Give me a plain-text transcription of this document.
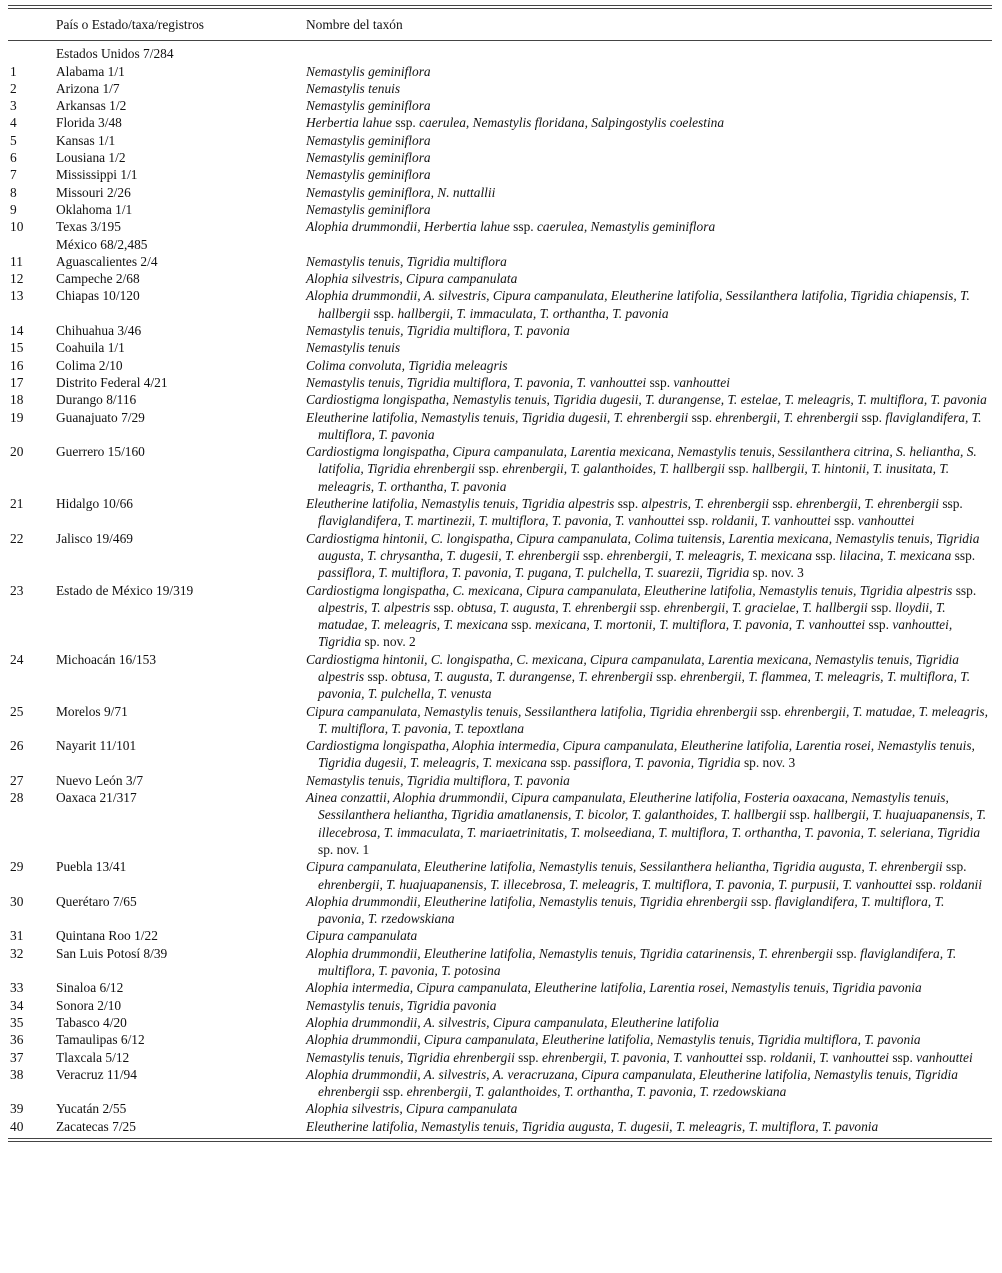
	País o Estado/taxa/registros	Nombre del taxón
	Estados Unidos 7/284	
1	Alabama 1/1	Nemastylis geminiflora
2	Arizona 1/7	Nemastylis tenuis
3	Arkansas 1/2	Nemastylis geminiflora
4	Florida 3/48	Herbertia lahue ssp. caerulea, Nemastylis floridana, Salpingostylis coelestina
5	Kansas 1/1	Nemastylis geminiflora
6	Lousiana 1/2	Nemastylis geminiflora
7	Mississippi 1/1	Nemastylis geminiflora
8	Missouri 2/26	Nemastylis geminiflora, N. nuttallii
9	Oklahoma 1/1	Nemastylis geminiflora
10	Texas 3/195	Alophia drummondii, Herbertia lahue ssp. caerulea, Nemastylis geminiflora
	México 68/2,485	
11	Aguascalientes 2/4	Nemastylis tenuis, Tigridia multiflora
12	Campeche 2/68	Alophia silvestris, Cipura campanulata
13	Chiapas 10/120	Alophia drummondii, A. silvestris, Cipura campanulata, Eleutherine latifolia, Sessilanthera latifolia, Tigridia chiapensis, T. hallbergii ssp. hallbergii, T. immaculata, T. orthantha, T. pavonia
14	Chihuahua 3/46	Nemastylis tenuis, Tigridia multiflora, T. pavonia
15	Coahuila 1/1	Nemastylis tenuis
16	Colima 2/10	Colima convoluta, Tigridia meleagris
17	Distrito Federal 4/21	Nemastylis tenuis, Tigridia multiflora, T. pavonia, T. vanhouttei ssp. vanhouttei
18	Durango 8/116	Cardiostigma longispatha, Nemastylis tenuis, Tigridia dugesii, T. durangense, T. estelae, T. meleagris, T. multiflora, T. pavonia
19	Guanajuato 7/29	Eleutherine latifolia, Nemastylis tenuis, Tigridia dugesii, T. ehrenbergii ssp. ehrenbergii, T. ehrenbergii ssp. flaviglandifera, T. multiflora, T. pavonia
20	Guerrero 15/160	Cardiostigma longispatha, Cipura campanulata, Larentia mexicana, Nemastylis tenuis, Sessilanthera citrina, S. heliantha, S. latifolia, Tigridia ehrenbergii ssp. ehrenbergii, T. galanthoides, T. hallbergii ssp. hallbergii, T. hintonii, T. inusitata, T. meleagris, T. orthantha, T. pavonia
21	Hidalgo 10/66	Eleutherine latifolia, Nemastylis tenuis, Tigridia alpestris ssp. alpestris, T. ehrenbergii ssp. ehrenbergii, T. ehrenbergii ssp. flaviglandifera, T. martinezii, T. multiflora, T. pavonia, T. vanhouttei ssp. roldanii, T. vanhouttei ssp. vanhouttei
22	Jalisco 19/469	Cardiostigma hintonii, C. longispatha, Cipura campanulata, Colima tuitensis, Larentia mexicana, Nemastylis tenuis, Tigridia augusta, T. chrysantha, T. dugesii, T. ehrenbergii ssp. ehrenbergii, T. meleagris, T. mexicana ssp. lilacina, T. mexicana ssp. passiflora, T. multiflora, T. pavonia, T. pugana, T. pulchella, T. suarezii, Tigridia sp. nov. 3
23	Estado de México 19/319	Cardiostigma longispatha, C. mexicana, Cipura campanulata, Eleutherine latifolia, Nemastylis tenuis, Tigridia alpestris ssp. alpestris, T. alpestris ssp. obtusa, T. augusta, T. ehrenbergii ssp. ehrenbergii, T. gracielae, T. hallbergii ssp. lloydii, T. matudae, T. meleagris, T. mexicana ssp. mexicana, T. mortonii, T. multiflora, T. pavonia, T. vanhouttei ssp. vanhouttei, Tigridia sp. nov. 2
24	Michoacán 16/153	Cardiostigma hintonii, C. longispatha, C. mexicana, Cipura campanulata, Larentia mexicana, Nemastylis tenuis, Tigridia alpestris ssp. obtusa, T. augusta, T. durangense, T. ehrenbergii ssp. ehrenbergii, T. flammea, T. meleagris, T. multiflora, T. pavonia, T. pulchella, T. venusta
25	Morelos 9/71	Cipura campanulata, Nemastylis tenuis, Sessilanthera latifolia, Tigridia ehrenbergii ssp. ehrenbergii, T. matudae, T. meleagris, T. multiflora, T. pavonia, T. tepoxtlana
26	Nayarit 11/101	Cardiostigma longispatha, Alophia intermedia, Cipura campanulata, Eleutherine latifolia, Larentia rosei, Nemastylis tenuis, Tigridia dugesii, T. meleagris, T. mexicana ssp. passiflora, T. pavonia, Tigridia sp. nov. 3
27	Nuevo León 3/7	Nemastylis tenuis, Tigridia multiflora, T. pavonia
28	Oaxaca 21/317	Ainea conzattii, Alophia drummondii, Cipura campanulata, Eleutherine latifolia, Fosteria oaxacana, Nemastylis tenuis, Sessilanthera heliantha, Tigridia amatlanensis, T. bicolor, T. galanthoides, T. hallbergii ssp. hallbergii, T. huajuapanensis, T. illecebrosa, T. immaculata, T. mariaetrinitatis, T. molseediana, T. multiflora, T. orthantha, T. pavonia, T. seleriana, Tigridia sp. nov. 1
29	Puebla 13/41	Cipura campanulata, Eleutherine latifolia, Nemastylis tenuis, Sessilanthera heliantha, Tigridia augusta, T. ehrenbergii ssp. ehrenbergii, T. huajuapanensis, T. illecebrosa, T. meleagris, T. multiflora, T. pavonia, T. purpusii, T. vanhouttei ssp. roldanii
30	Querétaro 7/65	Alophia drummondii, Eleutherine latifolia, Nemastylis tenuis, Tigridia ehrenbergii ssp. flaviglandifera, T. multiflora, T. pavonia, T. rzedowskiana
31	Quintana Roo 1/22	Cipura campanulata
32	San Luis Potosí 8/39	Alophia drummondii, Eleutherine latifolia, Nemastylis tenuis, Tigridia catarinensis, T. ehrenbergii ssp. flaviglandifera, T. multiflora, T. pavonia, T. potosina
33	Sinaloa 6/12	Alophia intermedia, Cipura campanulata, Eleutherine latifolia, Larentia rosei, Nemastylis tenuis, Tigridia pavonia
34	Sonora 2/10	Nemastylis tenuis, Tigridia pavonia
35	Tabasco 4/20	Alophia drummondii, A. silvestris, Cipura campanulata, Eleutherine latifolia
36	Tamaulipas 6/12	Alophia drummondii, Cipura campanulata, Eleutherine latifolia, Nemastylis tenuis, Tigridia multiflora, T. pavonia
37	Tlaxcala 5/12	Nemastylis tenuis, Tigridia ehrenbergii ssp. ehrenbergii, T. pavonia, T. vanhouttei ssp. roldanii, T. vanhouttei ssp. vanhouttei
38	Veracruz 11/94	Alophia drummondii, A. silvestris, A. veracruzana, Cipura campanulata, Eleutherine latifolia, Nemastylis tenuis, Tigridia ehrenbergii ssp. ehrenbergii, T. galanthoides, T. orthantha, T. pavonia, T. rzedowskiana
39	Yucatán 2/55	Alophia silvestris, Cipura campanulata
40	Zacatecas 7/25	Eleutherine latifolia, Nemastylis tenuis, Tigridia augusta, T. dugesii, T. meleagris, T. multiflora, T. pavonia
